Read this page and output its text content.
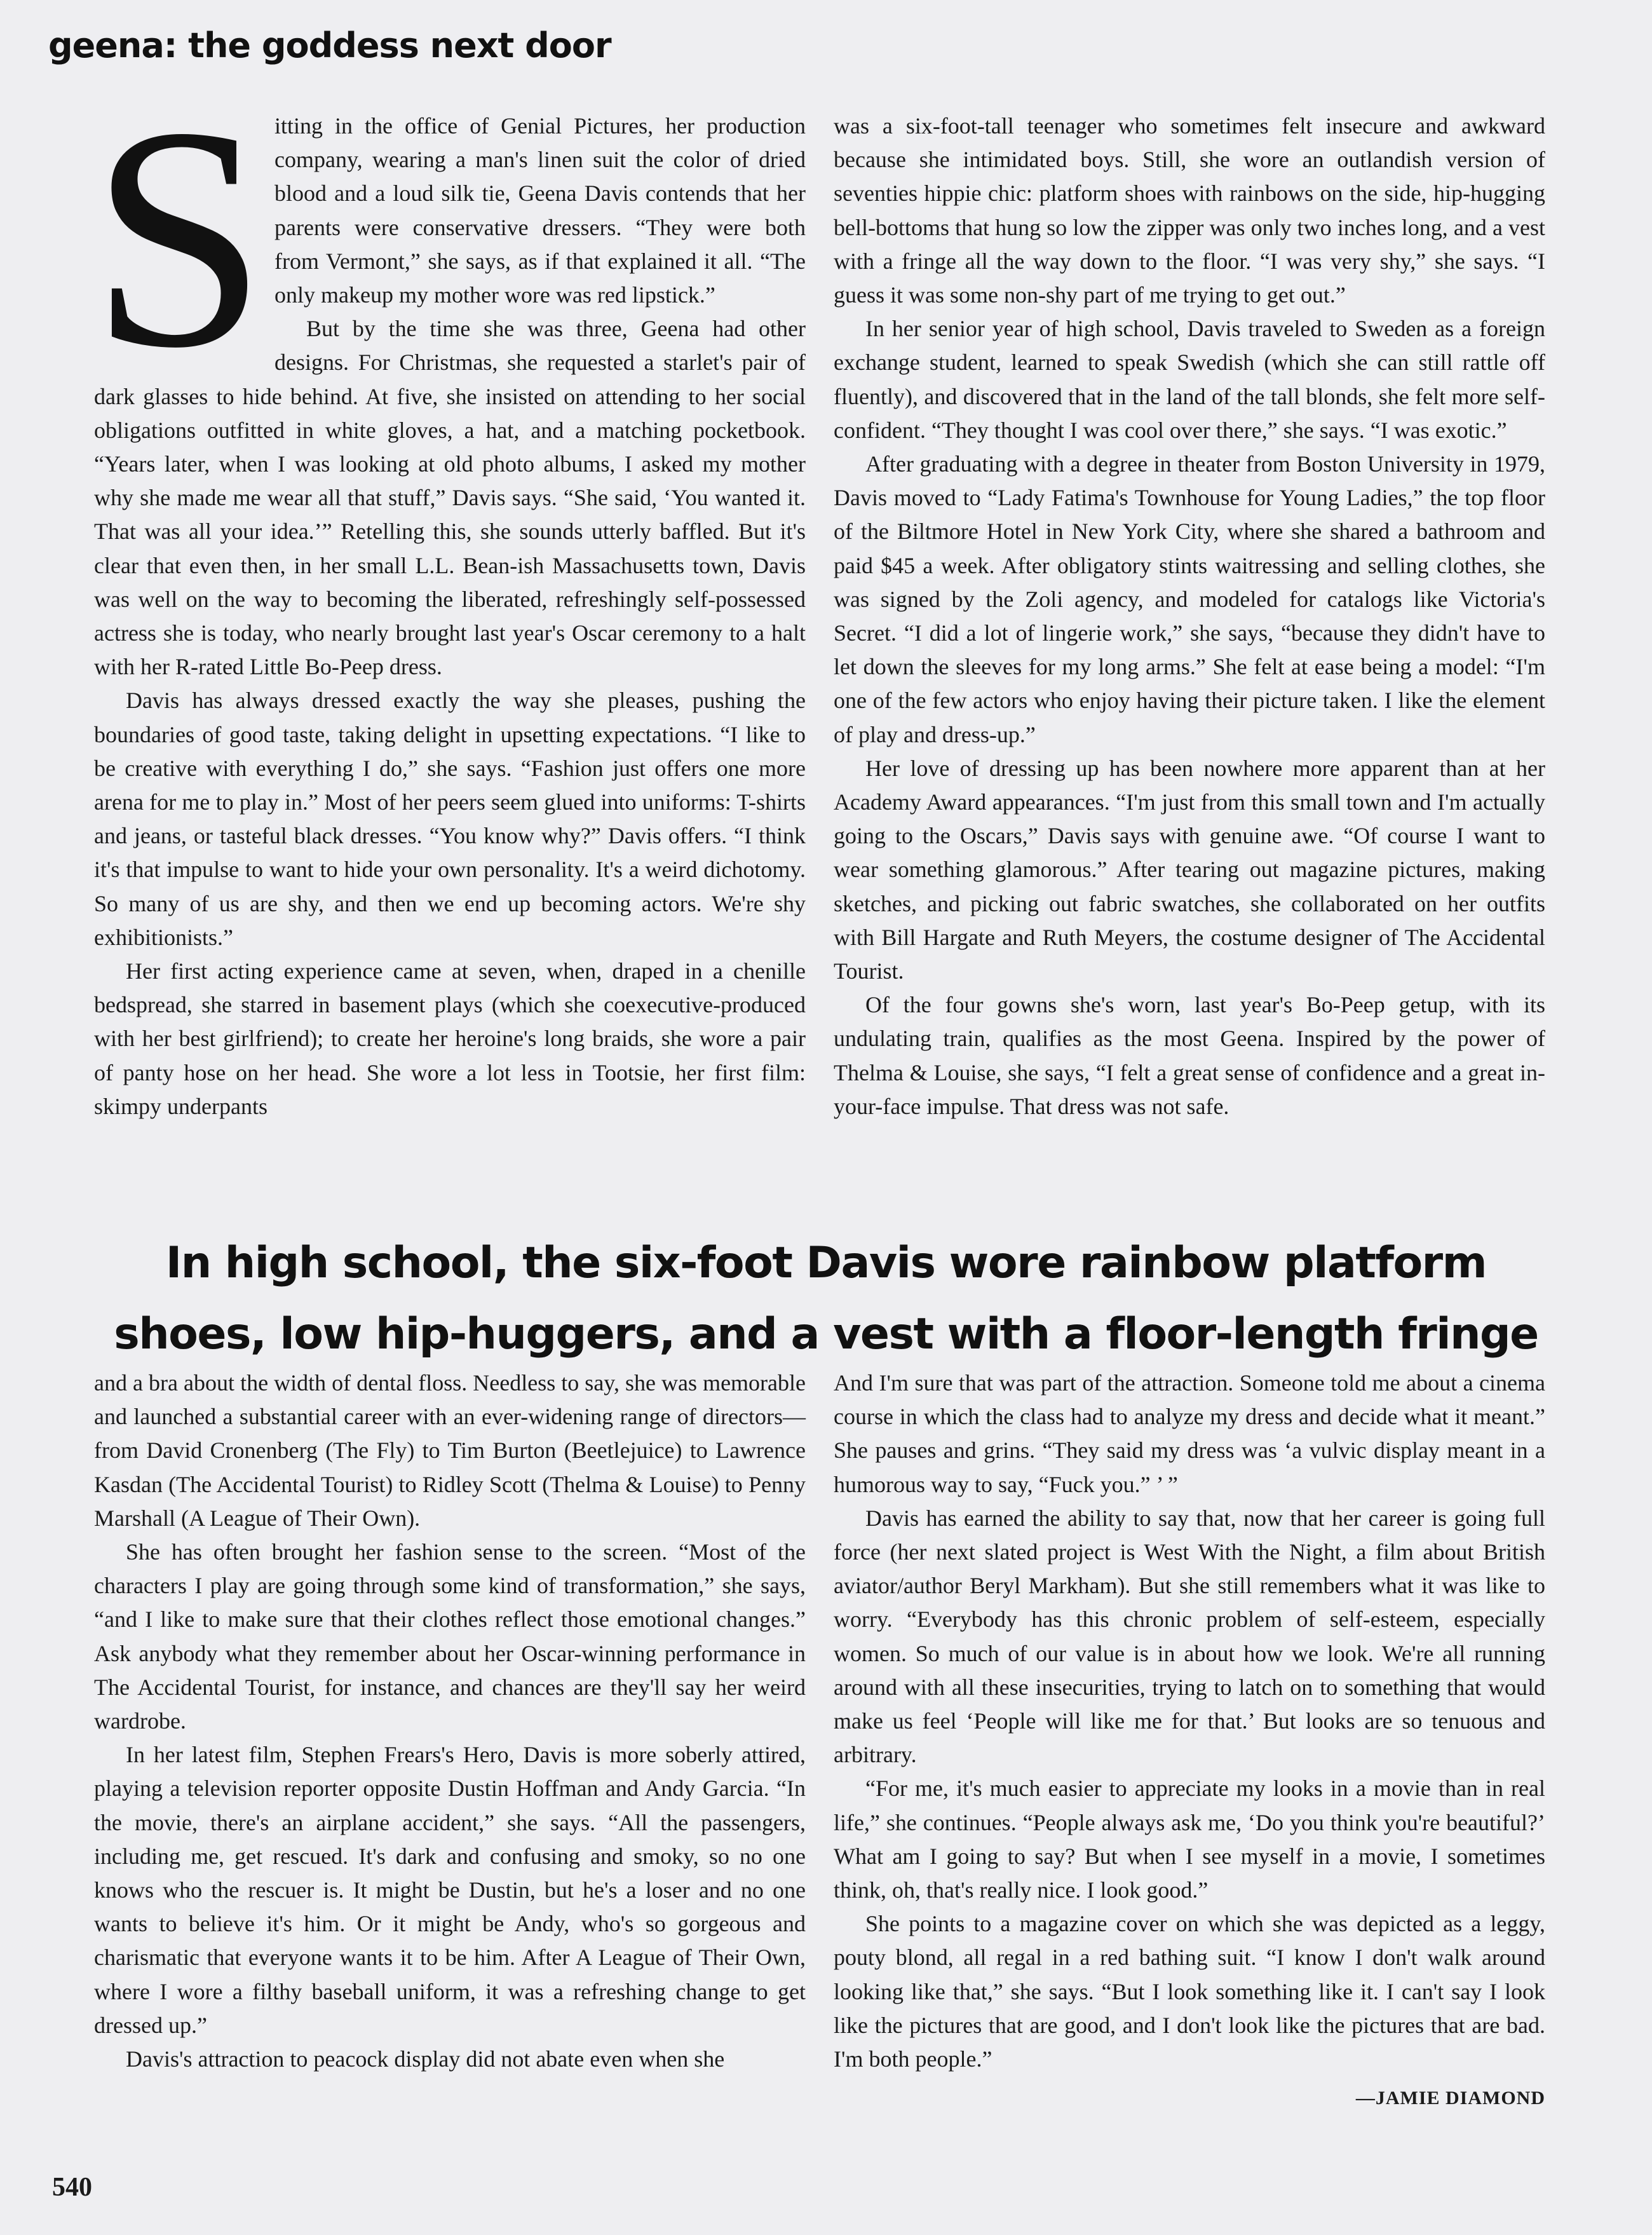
geena: the goddess next door
S itting in the office of Genial Pictures, her production company, wearing a man's linen suit the color of dried blood and a loud silk tie, Geena Davis contends that her parents were conservative dressers. “They were both from Vermont,” she says, as if that explained it all. “The only makeup my mother wore was red lipstick.”

But by the time she was three, Geena had other designs. For Christmas, she requested a starlet's pair of dark glasses to hide behind. At five, she insisted on attending to her social obligations outfitted in white gloves, a hat, and a matching pocketbook. “Years later, when I was looking at old photo albums, I asked my mother why she made me wear all that stuff,” Davis says. “She said, ‘You wanted it. That was all your idea.’” Retelling this, she sounds utterly baffled. But it's clear that even then, in her small L.L. Bean-ish Massachusetts town, Davis was well on the way to becoming the liberated, refreshingly self-possessed actress she is today, who nearly brought last year's Oscar ceremony to a halt with her R-rated Little Bo-Peep dress.

Davis has always dressed exactly the way she pleases, pushing the boundaries of good taste, taking delight in upsetting expectations. “I like to be creative with everything I do,” she says. “Fashion just offers one more arena for me to play in.” Most of her peers seem glued into uniforms: T-shirts and jeans, or tasteful black dresses. “You know why?” Davis offers. “I think it's that impulse to want to hide your own personality. It's a weird dichotomy. So many of us are shy, and then we end up becoming actors. We're shy exhibitionists.”

Her first acting experience came at seven, when, draped in a chenille bedspread, she starred in basement plays (which she coexecutive-produced with her best girlfriend); to create her heroine's long braids, she wore a pair of panty hose on her head. She wore a lot less in Tootsie, her first film: skimpy underpants

was a six-foot-tall teenager who sometimes felt insecure and awkward because she intimidated boys. Still, she wore an outlandish version of seventies hippie chic: platform shoes with rainbows on the side, hip-hugging bell-bottoms that hung so low the zipper was only two inches long, and a vest with a fringe all the way down to the floor. “I was very shy,” she says. “I guess it was some non-shy part of me trying to get out.”

In her senior year of high school, Davis traveled to Sweden as a foreign exchange student, learned to speak Swedish (which she can still rattle off fluently), and discovered that in the land of the tall blonds, she felt more self-confident. “They thought I was cool over there,” she says. “I was exotic.”

After graduating with a degree in theater from Boston University in 1979, Davis moved to “Lady Fatima's Townhouse for Young Ladies,” the top floor of the Biltmore Hotel in New York City, where she shared a bathroom and paid $45 a week. After obligatory stints waitressing and selling clothes, she was signed by the Zoli agency, and modeled for catalogs like Victoria's Secret. “I did a lot of lingerie work,” she says, “because they didn't have to let down the sleeves for my long arms.” She felt at ease being a model: “I'm one of the few actors who enjoy having their picture taken. I like the element of play and dress-up.”

Her love of dressing up has been nowhere more apparent than at her Academy Award appearances. “I'm just from this small town and I'm actually going to the Oscars,” Davis says with genuine awe. “Of course I want to wear something glamorous.” After tearing out magazine pictures, making sketches, and picking out fabric swatches, she collaborated on her outfits with Bill Hargate and Ruth Meyers, the costume designer of The Accidental Tourist.

Of the four gowns she's worn, last year's Bo-Peep getup, with its undulating train, qualifies as the most Geena. Inspired by the power of Thelma & Louise, she says, “I felt a great sense of confidence and a great in-your-face impulse. That dress was not safe.

In high school, the six-foot Davis wore rainbow platform
shoes, low hip-huggers, and a vest with a floor-length fringe

and a bra about the width of dental floss. Needless to say, she was memorable and launched a substantial career with an ever-widening range of directors—from David Cronenberg (The Fly) to Tim Burton (Beetlejuice) to Lawrence Kasdan (The Accidental Tourist) to Ridley Scott (Thelma & Louise) to Penny Marshall (A League of Their Own).

She has often brought her fashion sense to the screen. “Most of the characters I play are going through some kind of transformation,” she says, “and I like to make sure that their clothes reflect those emotional changes.” Ask anybody what they remember about her Oscar-winning performance in The Accidental Tourist, for instance, and chances are they'll say her weird wardrobe.

In her latest film, Stephen Frears's Hero, Davis is more soberly attired, playing a television reporter opposite Dustin Hoffman and Andy Garcia. “In the movie, there's an airplane accident,” she says. “All the passengers, including me, get rescued. It's dark and confusing and smoky, so no one knows who the rescuer is. It might be Dustin, but he's a loser and no one wants to believe it's him. Or it might be Andy, who's so gorgeous and charismatic that everyone wants it to be him. After A League of Their Own, where I wore a filthy baseball uniform, it was a refreshing change to get dressed up.”

Davis's attraction to peacock display did not abate even when she

And I'm sure that was part of the attraction. Someone told me about a cinema course in which the class had to analyze my dress and decide what it meant.” She pauses and grins. “They said my dress was ‘a vulvic display meant in a humorous way to say, “Fuck you.” ’ ”

Davis has earned the ability to say that, now that her career is going full force (her next slated project is West With the Night, a film about British aviator/author Beryl Markham). But she still remembers what it was like to worry. “Everybody has this chronic problem of self-esteem, especially women. So much of our value is in about how we look. We're all running around with all these insecurities, trying to latch on to something that would make us feel ‘People will like me for that.’ But looks are so tenuous and arbitrary.

“For me, it's much easier to appreciate my looks in a movie than in real life,” she continues. “People always ask me, ‘Do you think you're beautiful?’ What am I going to say? But when I see myself in a movie, I sometimes think, oh, that's really nice. I look good.”

She points to a magazine cover on which she was depicted as a leggy, pouty blond, all regal in a red bathing suit. “I know I don't walk around looking like that,” she says. “But I look something like it. I can't say I look like the pictures that are good, and I don't look like the pictures that are bad. I'm both people.”

—JAMIE DIAMOND
540
